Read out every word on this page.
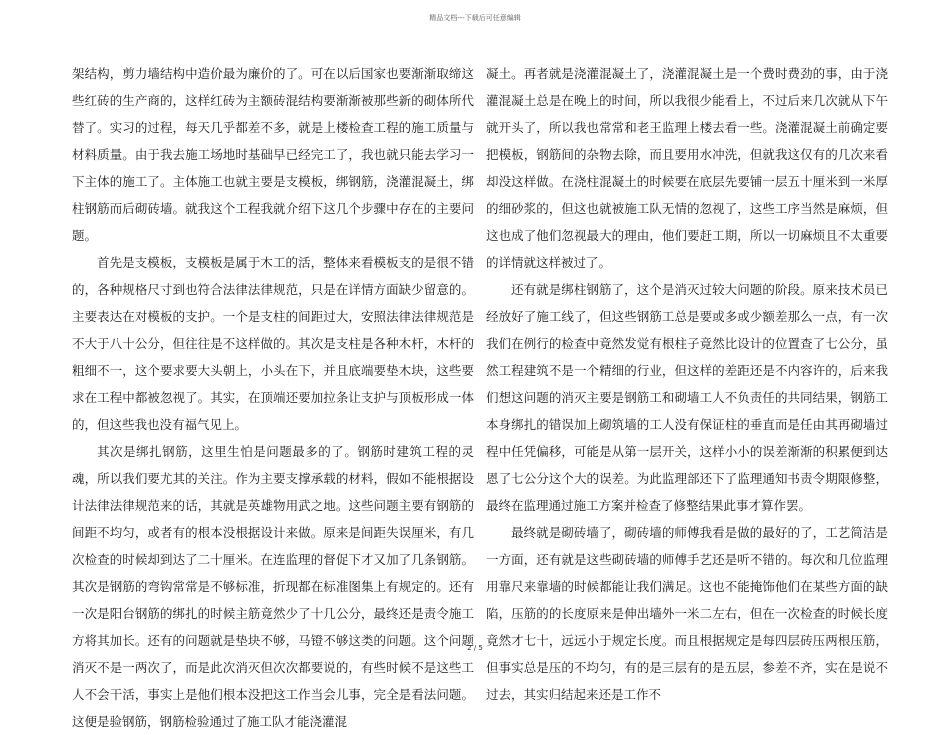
精品文档---下载后可任意编辑

架结构，剪力墙结构中造价最为廉价的了。可在以后国家也要渐渐取缔这些红砖的生产商的，这样红砖为主额砖混结构要渐渐被那些新的砌体所代替了。实习的过程，每天几乎都差不多，就是上楼检查工程的施工质量与材料质量。由于我去施工场地时基础早已经完工了，我也就只能去学习一下主体的施工了。主体施工也就主要是支模板，绑钢筋，浇灌混凝土，绑柱钢筋而后砌砖墙。就我这个工程我就介绍下这几个步骤中存在的主要问题。

首先是支模板，支模板是属于木工的活，整体来看模板支的是很不错的，各种规格尺寸到也符合法律法律规范，只是在详情方面缺少留意的。主要表达在对模板的支护。一个是支柱的间距过大，安照法律法律规范是不大于八十公分，但往往是不这样做的。其次是支柱是各种木杆，木杆的粗细不一，这个要求要大头朝上，小头在下，并且底端要垫木块，这些要求在工程中都被忽视了。其实，在顶端还要加拉条让支护与顶板形成一体的，但这些我也没有福气见上。

其次是绑扎钢筋，这里生怕是问题最多的了。钢筋时建筑工程的灵魂，所以我们要尤其的关注。作为主要支撑承载的材料，假如不能根据设计法律法律规范来的话，其就是英雄物用武之地。这些问题主要有钢筋的间距不均匀，或者有的根本没根据设计来做。原来是间距失误厘米，有几次检查的时候却到达了二十厘米。在连监理的督促下才又加了几条钢筋。其次是钢筋的弯钩常常是不够标准，折现都在标准图集上有规定的。还有一次是阳台钢筋的绑扎的时候主筋竟然少了十几公分，最终还是责令施工方将其加长。还有的问题就是垫块不够，马镫不够这类的问题。这个问题消灭不是一两次了，而是此次消灭但次次都要说的，有些时候不是这些工人不会干活，事实上是他们根本没把这工作当会儿事，完全是看法问题。这便是验钢筋，钢筋检验通过了施工队才能浇灌混

凝土。再者就是浇灌混凝土了，浇灌混凝土是一个费时费劲的事，由于浇灌混凝土总是在晚上的时间，所以我很少能看上，不过后来几次就从下午就开头了，所以我也常常和老王监理上楼去看一些。浇灌混凝土前确定要把模板，钢筋间的杂物去除，而且要用水冲洗，但就我这仅有的几次来看却没这样做。在浇柱混凝土的时候要在底层先要铺一层五十厘米到一米厚的细砂浆的，但这也就被施工队无情的忽视了，这些工序当然是麻烦，但这也成了他们忽视最大的理由，他们要赶工期，所以一切麻烦且不太重要的详情就这样被过了。

还有就是绑柱钢筋了，这个是消灭过较大问题的阶段。原来技术员已经放好了施工线了，但这些钢筋工总是要或多或少额差那么一点，有一次我们在例行的检查中竟然发觉有根柱子竟然比设计的位置查了七公分，虽然工程建筑不是一个精细的行业，但这样的差距还是不内容许的，后来我们想这问题的消灭主要是钢筋工和砌墙工人不负责任的共同结果，钢筋工本身绑扎的错误加上砌筑墙的工人没有保证柱的垂直而是任由其再砌墙过程中任凭偏移，可能是从第一层开关，这样小小的误差渐渐的积累便到达恩了七公分这个大的误差。为此监理部还下了监理通知书责令期限修整，最终在监理通过施工方案并检查了修整结果此事才算作罢。

最终就是砌砖墙了，砌砖墙的师傅我看是做的最好的了，工艺简洁是一方面，还有就是这些砌砖墙的师傅手艺还是听不错的。每次和几位监理用靠尺来靠墙的时候都能让我们满足。这也不能掩饰他们在某些方面的缺陷，压筋的的长度原来是伸出墙外一米二左右，但在一次检查的时候长度竟然才七十，远远小于规定长度。而且根据规定是每四层砖压两根压筋，但事实总是压的不均匀，有的是三层有的是五层，参差不齐，实在是说不过去，其实归结起来还是工作不

2 / 5
